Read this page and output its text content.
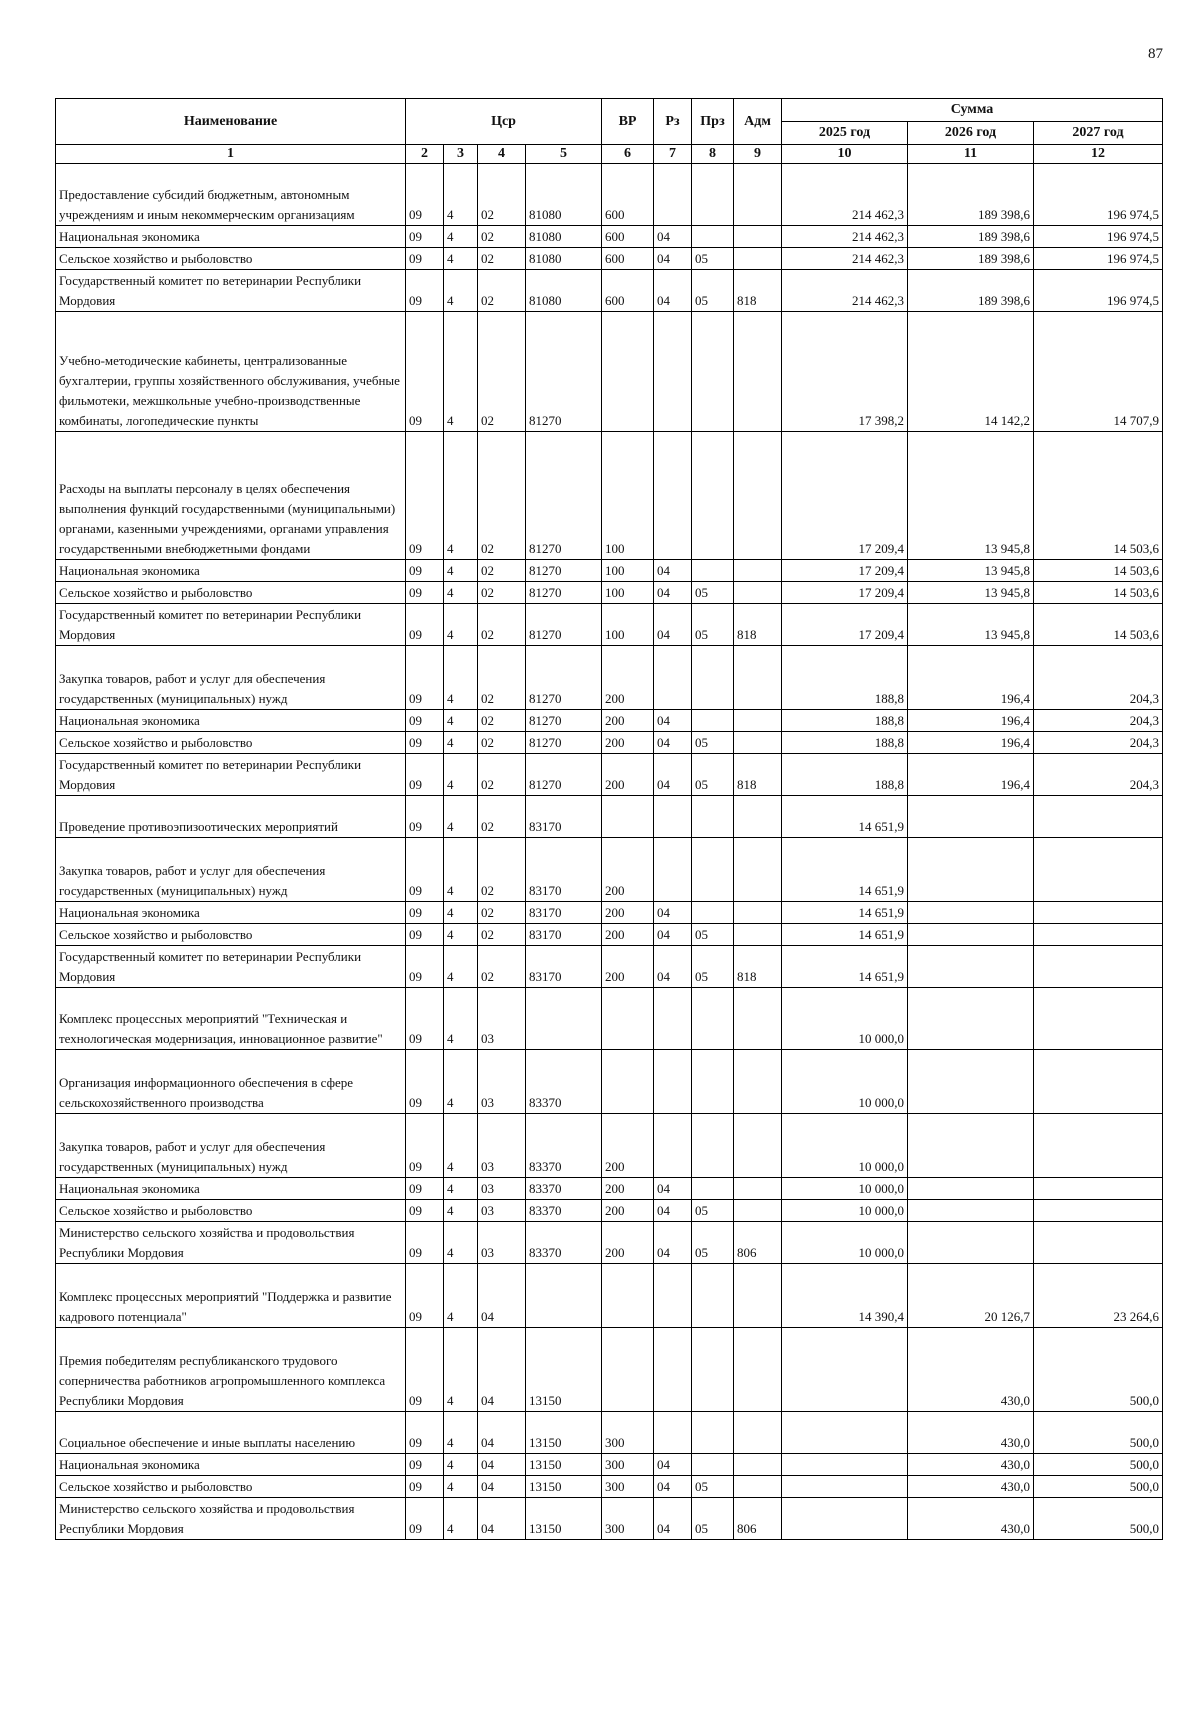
87
Наименование	Цср				ВР	Рз	Прз	Адм	Сумма		
									2025 год	2026 год	2027 год
1	2	3	4	5	6	7	8	9	10	11	12
Предоставление субсидий бюджетным, автономным учреждениям и иным некоммерческим организациям	09	4	02	81080	600				214 462,3	189 398,6	196 974,5
Национальная экономика	09	4	02	81080	600	04			214 462,3	189 398,6	196 974,5
Сельское хозяйство и рыболовство	09	4	02	81080	600	04	05		214 462,3	189 398,6	196 974,5
Государственный комитет по ветеринарии Республики Мордовия	09	4	02	81080	600	04	05	818	214 462,3	189 398,6	196 974,5
Учебно-методические кабинеты, централизованные бухгалтерии, группы хозяйственного обслуживания, учебные фильмотеки, межшкольные учебно-производственные комбинаты, логопедические пункты	09	4	02	81270					17 398,2	14 142,2	14 707,9
Расходы на выплаты персоналу в целях обеспечения выполнения функций государственными (муниципальными) органами, казенными учреждениями, органами управления государственными внебюджетными фондами	09	4	02	81270	100				17 209,4	13 945,8	14 503,6
Национальная экономика	09	4	02	81270	100	04			17 209,4	13 945,8	14 503,6
Сельское хозяйство и рыболовство	09	4	02	81270	100	04	05		17 209,4	13 945,8	14 503,6
Государственный комитет по ветеринарии Республики Мордовия	09	4	02	81270	100	04	05	818	17 209,4	13 945,8	14 503,6
Закупка товаров, работ и услуг для обеспечения государственных (муниципальных) нужд	09	4	02	81270	200				188,8	196,4	204,3
Национальная экономика	09	4	02	81270	200	04			188,8	196,4	204,3
Сельское хозяйство и рыболовство	09	4	02	81270	200	04	05		188,8	196,4	204,3
Государственный комитет по ветеринарии Республики Мордовия	09	4	02	81270	200	04	05	818	188,8	196,4	204,3
Проведение противоэпизоотических мероприятий	09	4	02	83170					14 651,9		
Закупка товаров, работ и услуг для обеспечения государственных (муниципальных) нужд	09	4	02	83170	200				14 651,9		
Национальная экономика	09	4	02	83170	200	04			14 651,9		
Сельское хозяйство и рыболовство	09	4	02	83170	200	04	05		14 651,9		
Государственный комитет по ветеринарии Республики Мордовия	09	4	02	83170	200	04	05	818	14 651,9		
Комплекс процессных мероприятий "Техническая и технологическая модернизация, инновационное развитие"	09	4	03						10 000,0		
Организация информационного обеспечения в сфере сельскохозяйственного производства	09	4	03	83370					10 000,0		
Закупка товаров, работ и услуг для обеспечения государственных (муниципальных) нужд	09	4	03	83370	200				10 000,0		
Национальная экономика	09	4	03	83370	200	04			10 000,0		
Сельское хозяйство и рыболовство	09	4	03	83370	200	04	05		10 000,0		
Министерство сельского хозяйства и продовольствия Республики Мордовия	09	4	03	83370	200	04	05	806	10 000,0		
Комплекс процессных мероприятий "Поддержка и развитие кадрового потенциала"	09	4	04						14 390,4	20 126,7	23 264,6
Премия победителям республиканского трудового соперничества работников агропромышленного комплекса Республики Мордовия	09	4	04	13150						430,0	500,0
Социальное обеспечение и иные выплаты населению	09	4	04	13150	300					430,0	500,0
Национальная экономика	09	4	04	13150	300	04				430,0	500,0
Сельское хозяйство и рыболовство	09	4	04	13150	300	04	05			430,0	500,0
Министерство сельского хозяйства и продовольствия Республики Мордовия	09	4	04	13150	300	04	05	806		430,0	500,0
